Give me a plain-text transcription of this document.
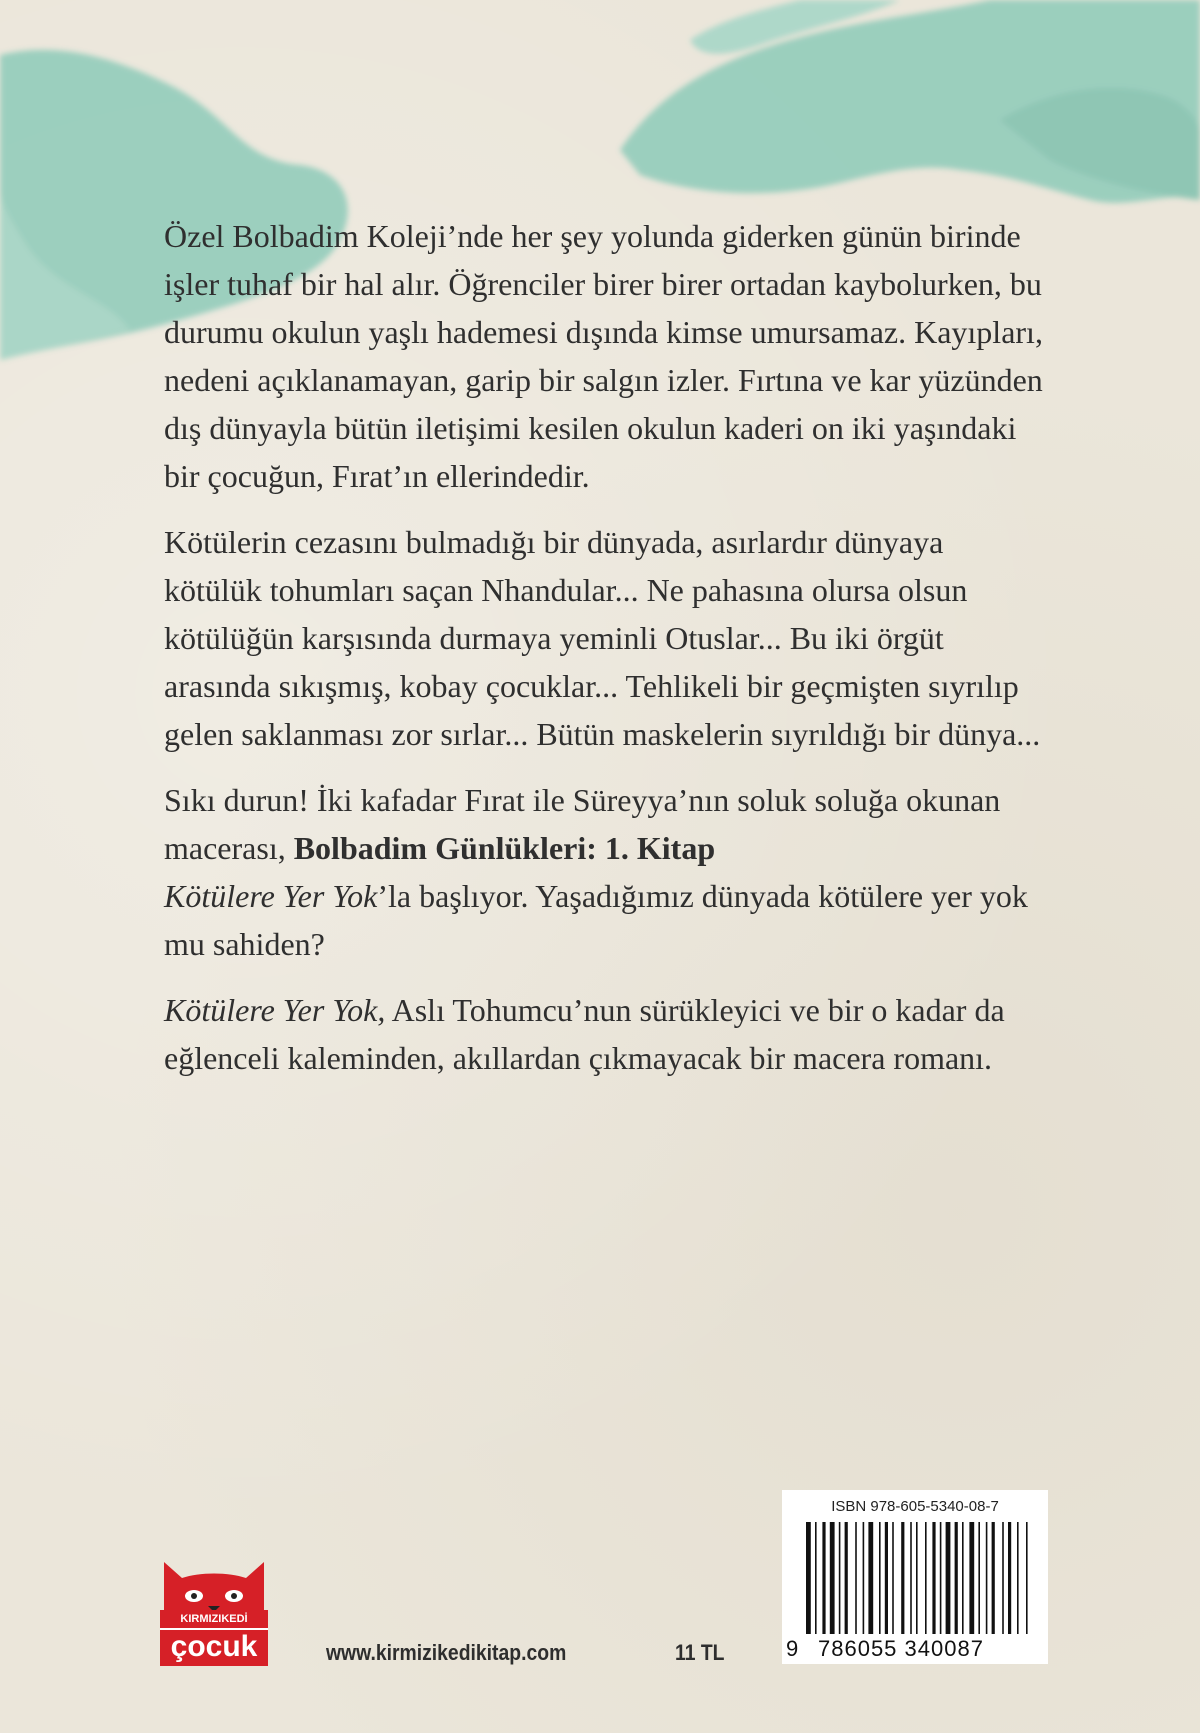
Özel Bolbadim Koleji’nde her şey yolunda giderken günün birinde işler tuhaf bir hal alır. Öğrenciler birer birer ortadan kaybolurken, bu durumu okulun yaşlı hademesi dışında kimse umursamaz. Kayıpları, nedeni açıklanamayan, garip bir salgın izler. Fırtına ve kar yüzünden dış dünyayla bütün iletişimi kesilen okulun kaderi on iki yaşındaki bir çocuğun, Fırat’ın ellerindedir.

Kötülerin cezasını bulmadığı bir dünyada, asırlardır dünyaya kötülük tohumları saçan Nhandular... Ne pahasına olursa olsun kötülüğün karşısında durmaya yeminli Otuslar... Bu iki örgüt arasında sıkışmış, kobay çocuklar... Tehlikeli bir geçmişten sıyrılıp gelen saklanması zor sırlar... Bütün maskelerin sıyrıldığı bir dünya...

Sıkı durun! İki kafadar Fırat ile Süreyya’nın soluk soluğa okunan macerası, Bolbadim Günlükleri: 1. Kitap
Kötülere Yer Yok’la başlıyor. Yaşadığımız dünyada kötülere yer yok mu sahiden?

Kötülere Yer Yok, Aslı Tohumcu’nun sürükleyici ve bir o kadar da eğlenceli kaleminden, akıllardan çıkmayacak bir macera romanı.

KIRMIZIKEDİ
çocuk	www.kirmizikedikitap.com	11 TL
ISBN 978-605-5340-08-7
9 786055 340087
